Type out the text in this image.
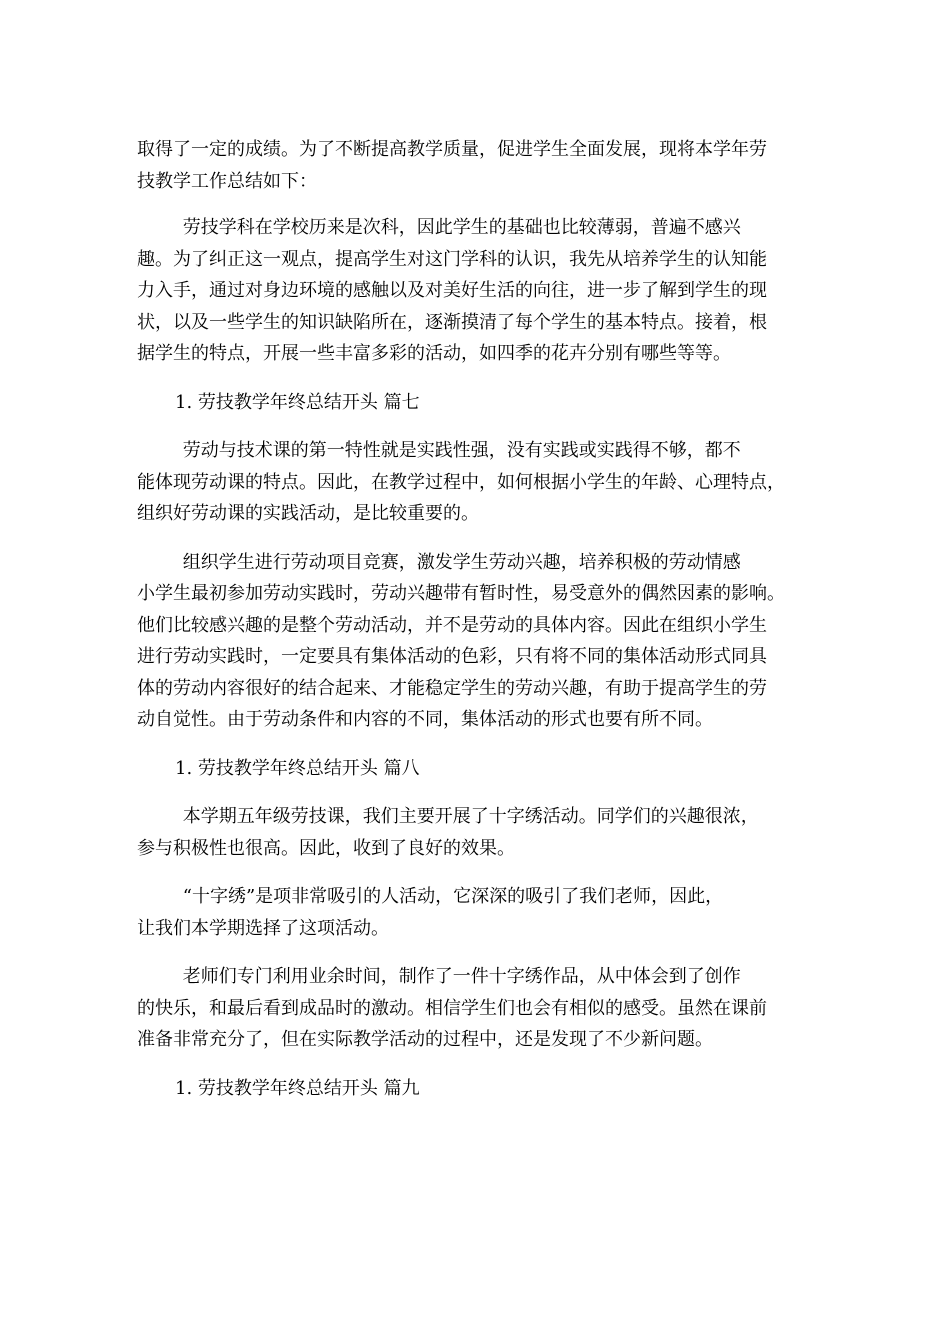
取得了一定的成绩。为了不断提高教学质量，促进学生全面发展，现将本学年劳
技教学工作总结如下：

劳技学科在学校历来是次科，因此学生的基础也比较薄弱，普遍不感兴
趣。为了纠正这一观点，提高学生对这门学科的认识，我先从培养学生的认知能
力入手，通过对身边环境的感触以及对美好生活的向往，进一步了解到学生的现
状，以及一些学生的知识缺陷所在，逐渐摸清了每个学生的基本特点。接着，根
据学生的特点，开展一些丰富多彩的活动，如四季的花卉分别有哪些等等。

1. 劳技教学年终总结开头 篇七

劳动与技术课的第一特性就是实践性强，没有实践或实践得不够，都不
能体现劳动课的特点。因此，在教学过程中，如何根据小学生的年龄、心理特点，
组织好劳动课的实践活动，是比较重要的。

组织学生进行劳动项目竞赛，激发学生劳动兴趣，培养积极的劳动情感
小学生最初参加劳动实践时，劳动兴趣带有暂时性，易受意外的偶然因素的影响。
他们比较感兴趣的是整个劳动活动，并不是劳动的具体内容。因此在组织小学生
进行劳动实践时，一定要具有集体活动的色彩，只有将不同的集体活动形式同具
体的劳动内容很好的结合起来、才能稳定学生的劳动兴趣，有助于提高学生的劳
动自觉性。由于劳动条件和内容的不同，集体活动的形式也要有所不同。

1. 劳技教学年终总结开头 篇八

本学期五年级劳技课，我们主要开展了十字绣活动。同学们的兴趣很浓，
参与积极性也很高。因此，收到了良好的效果。

“十字绣”是项非常吸引的人活动，它深深的吸引了我们老师，因此，
让我们本学期选择了这项活动。

老师们专门利用业余时间，制作了一件十字绣作品，从中体会到了创作
的快乐，和最后看到成品时的激动。相信学生们也会有相似的感受。虽然在课前
准备非常充分了，但在实际教学活动的过程中，还是发现了不少新问题。

1. 劳技教学年终总结开头 篇九
